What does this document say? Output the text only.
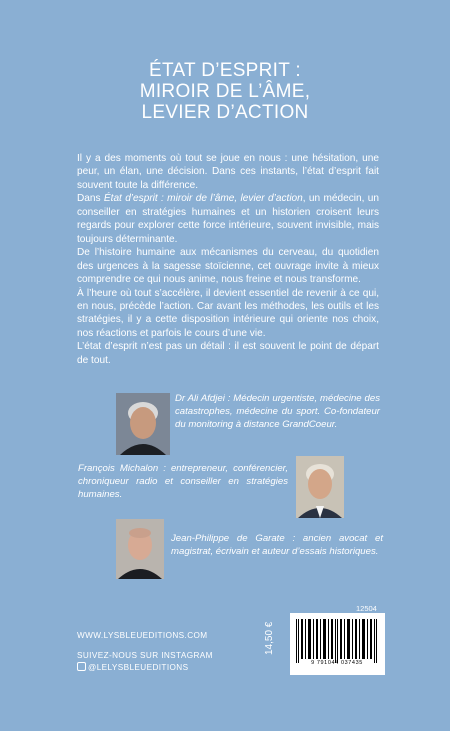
ÉTAT D’ESPRIT :
MIROIR DE L’ÂME,
LEVIER D’ACTION

Il y a des moments où tout se joue en nous : une hésitation, une peur, un élan, une décision. Dans ces instants, l’état d’esprit fait souvent toute la différence.

Dans État d’esprit : miroir de l’âme, levier d’action, un médecin, un conseiller en stratégies humaines et un historien croisent leurs regards pour explorer cette force intérieure, souvent invisible, mais toujours déterminante.

De l’histoire humaine aux mécanismes du cerveau, du quotidien des urgences à la sagesse stoïcienne, cet ouvrage invite à mieux comprendre ce qui nous anime, nous freine et nous transforme.

À l’heure où tout s’accélère, il devient essentiel de revenir à ce qui, en nous, précède l’action. Car avant les méthodes, les outils et les stratégies, il y a cette disposition intérieure qui oriente nos choix, nos réactions et parfois le cours d’une vie.

L’état d’esprit n’est pas un détail : il est souvent le point de départ de tout.

Dr Ali Afdjei : Médecin urgentiste, médecine des catastrophes, médecine du sport. Co-fondateur du monitoring à distance GrandCoeur.
François Michalon : entrepreneur, conférencier, chroniqueur radio et conseiller en stratégies humaines.
Jean-Philippe de Garate : ancien avocat et magistrat, écrivain et auteur d’essais historiques.
WWW.LYSBLEUEDITIONS.COM
SUIVEZ-NOUS SUR INSTAGRAM
@LELYSBLEUEDITIONS
12504
14,50 €
9 791044 037435
